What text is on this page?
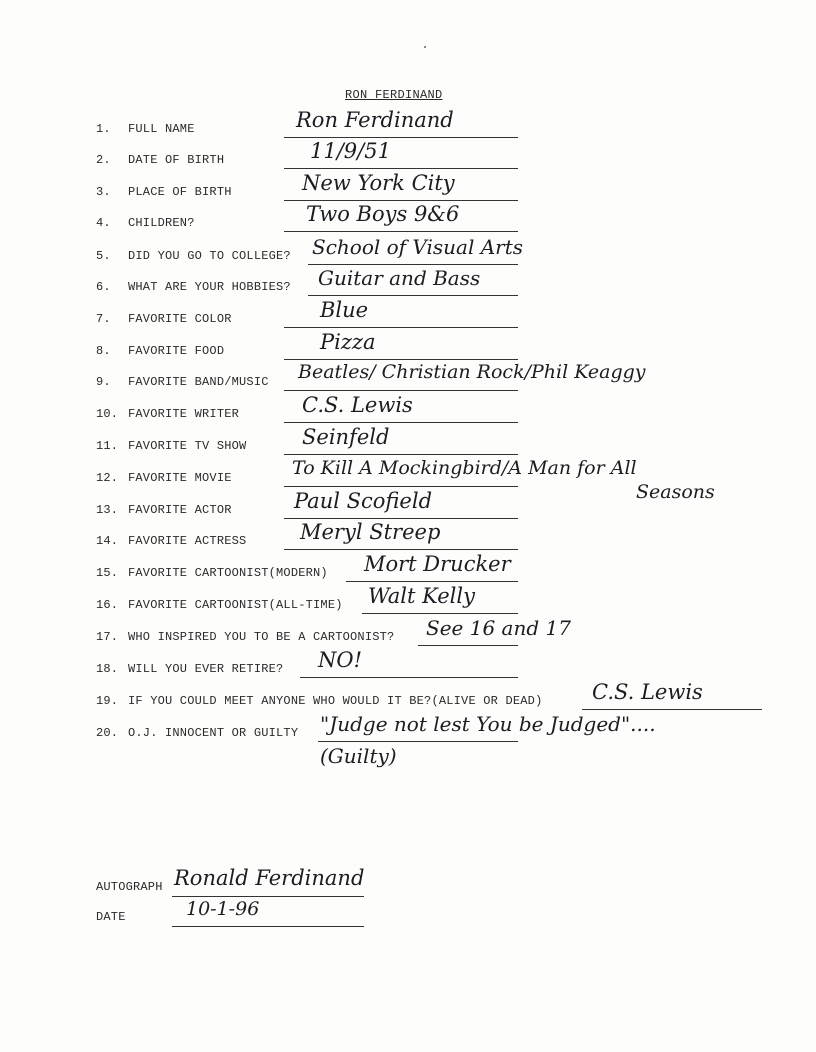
RON FERDINAND
1. FULL NAME	Ron Ferdinand
2. DATE OF BIRTH	11/9/51
3. PLACE OF BIRTH	New York City
4. CHILDREN?	Two Boys 9&6
5. DID YOU GO TO COLLEGE? School of Visual Arts
6. WHAT ARE YOUR HOBBIES? Guitar and Bass
7. FAVORITE COLOR	Blue
8. FAVORITE FOOD	Pizza
9. FAVORITE BAND/MUSIC Beatles/ Christian Rock/Phil Keaggy
10. FAVORITE WRITER	C.S. Lewis
11. FAVORITE TV SHOW	Seinfeld
12. FAVORITE MOVIE	To Kill A Mockingbird/A Man for All
Seasons
13. FAVORITE ACTOR	Paul Scofield
14. FAVORITE ACTRESS	Meryl Streep
15. FAVORITE CARTOONIST(MODERN) Mort Drucker
16. FAVORITE CARTOONIST(ALL-TIME) Walt Kelly
17. WHO INSPIRED YOU TO BE A CARTOONIST? See 16 and 17
18. WILL YOU EVER RETIRE? NO!
19. IF YOU COULD MEET ANYONE WHO WOULD IT BE?(ALIVE OR DEAD) C.S. Lewis
20. O.J. INNOCENT OR GUILTY "Judge not lest You be Judged"....
(Guilty)
AUTOGRAPH Ronald Ferdinand
DATE	10-1-96
